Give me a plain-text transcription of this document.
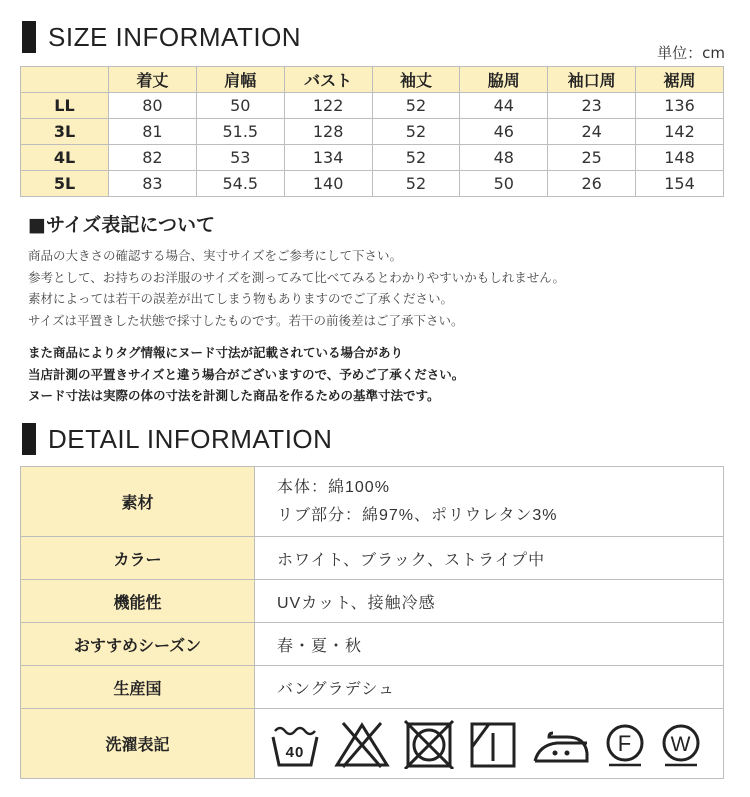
SIZE INFORMATION
単位：cm
	着丈	肩幅	バスト	袖丈	脇周	袖口周	裾周
LL	80	50	122	52	44	23	136
3L	81	51.5	128	52	46	24	142
4L	82	53	134	52	48	25	148
5L	83	54.5	140	52	50	26	154
■サイズ表記について
商品の大きさの確認する場合、実寸サイズをご参考にして下さい。
参考として、お持ちのお洋服のサイズを測ってみて比べてみるとわかりやすいかもしれません。
素材によっては若干の誤差が出てしまう物もありますのでご了承ください。
サイズは平置きした状態で採寸したものです。若干の前後差はご了承下さい。
また商品によりタグ情報にヌード寸法が記載されている場合があり
当店計測の平置きサイズと違う場合がございますので、予めご了承ください。
ヌード寸法は実際の体の寸法を計測した商品を作るための基準寸法です。
DETAIL INFORMATION
素材	本体：綿100%
リブ部分：綿97%、ポリウレタン3%

カラー	ホワイト、ブラック、ストライプ中
機能性	UVカット、接触冷感
おすすめシーズン	春・夏・秋
生産国	バングラデシュ
洗濯表記	40 F W
